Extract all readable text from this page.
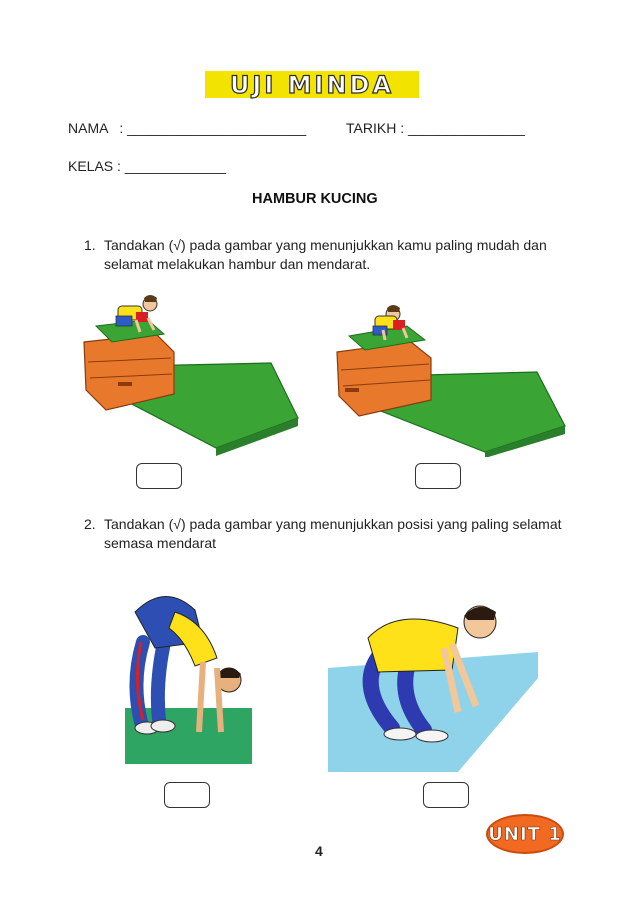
UJI MINDA
NAMA   : _______________________	TARIKH : _______________
KELAS : _____________
HAMBUR KUCING
1. Tandakan (√) pada gambar yang menunjukkan kamu paling mudah dan selamat melakukan hambur dan mendarat.
2. Tandakan (√) pada gambar yang menunjukkan posisi yang paling selamat semasa mendarat
4
UNIT 1
